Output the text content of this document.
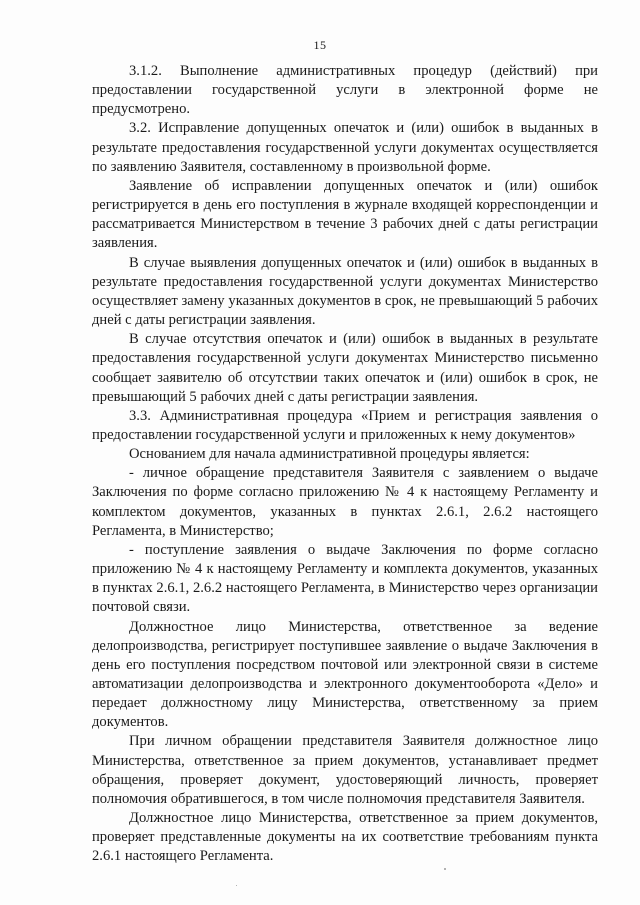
15

3.1.2. Выполнение административных процедур (действий) при предоставлении государственной услуги в электронной форме не предусмотрено.

3.2. Исправление допущенных опечаток и (или) ошибок в выданных в результате предоставления государственной услуги документах осуществляется по заявлению Заявителя, составленному в произвольной форме.

Заявление об исправлении допущенных опечаток и (или) ошибок регистрируется в день его поступления в журнале входящей корреспонденции и рассматривается Министерством в течение 3 рабочих дней с даты регистрации заявления.

В случае выявления допущенных опечаток и (или) ошибок в выданных в результате предоставления государственной услуги документах Министерство осуществляет замену указанных документов в срок, не превышающий 5 рабочих дней с даты регистрации заявления.

В случае отсутствия опечаток и (или) ошибок в выданных в результате предоставления государственной услуги документах Министерство письменно сообщает заявителю об отсутствии таких опечаток и (или) ошибок в срок, не превышающий 5 рабочих дней с даты регистрации заявления.

3.3. Административная процедура «Прием и регистрация заявления о предоставлении государственной услуги и приложенных к нему документов»

Основанием для начала административной процедуры является:

- личное обращение представителя Заявителя с заявлением о выдаче Заключения по форме согласно приложению № 4 к настоящему Регламенту и комплектом документов, указанных в пунктах 2.6.1, 2.6.2 настоящего Регламента, в Министерство;

- поступление заявления о выдаче Заключения по форме согласно приложению № 4 к настоящему Регламенту и комплекта документов, указанных в пунктах 2.6.1, 2.6.2 настоящего Регламента, в Министерство через организации почтовой связи.

Должностное лицо Министерства, ответственное за ведение делопроизводства, регистрирует поступившее заявление о выдаче Заключения в день его поступления посредством почтовой или электронной связи в системе автоматизации делопроизводства и электронного документооборота «Дело» и передает должностному лицу Министерства, ответственному за прием документов.

При личном обращении представителя Заявителя должностное лицо Министерства, ответственное за прием документов, устанавливает предмет обращения, проверяет документ, удостоверяющий личность, проверяет полномочия обратившегося, в том числе полномочия представителя Заявителя.

Должностное лицо Министерства, ответственное за прием документов, проверяет представленные документы на их соответствие требованиям пункта 2.6.1 настоящего Регламента.
